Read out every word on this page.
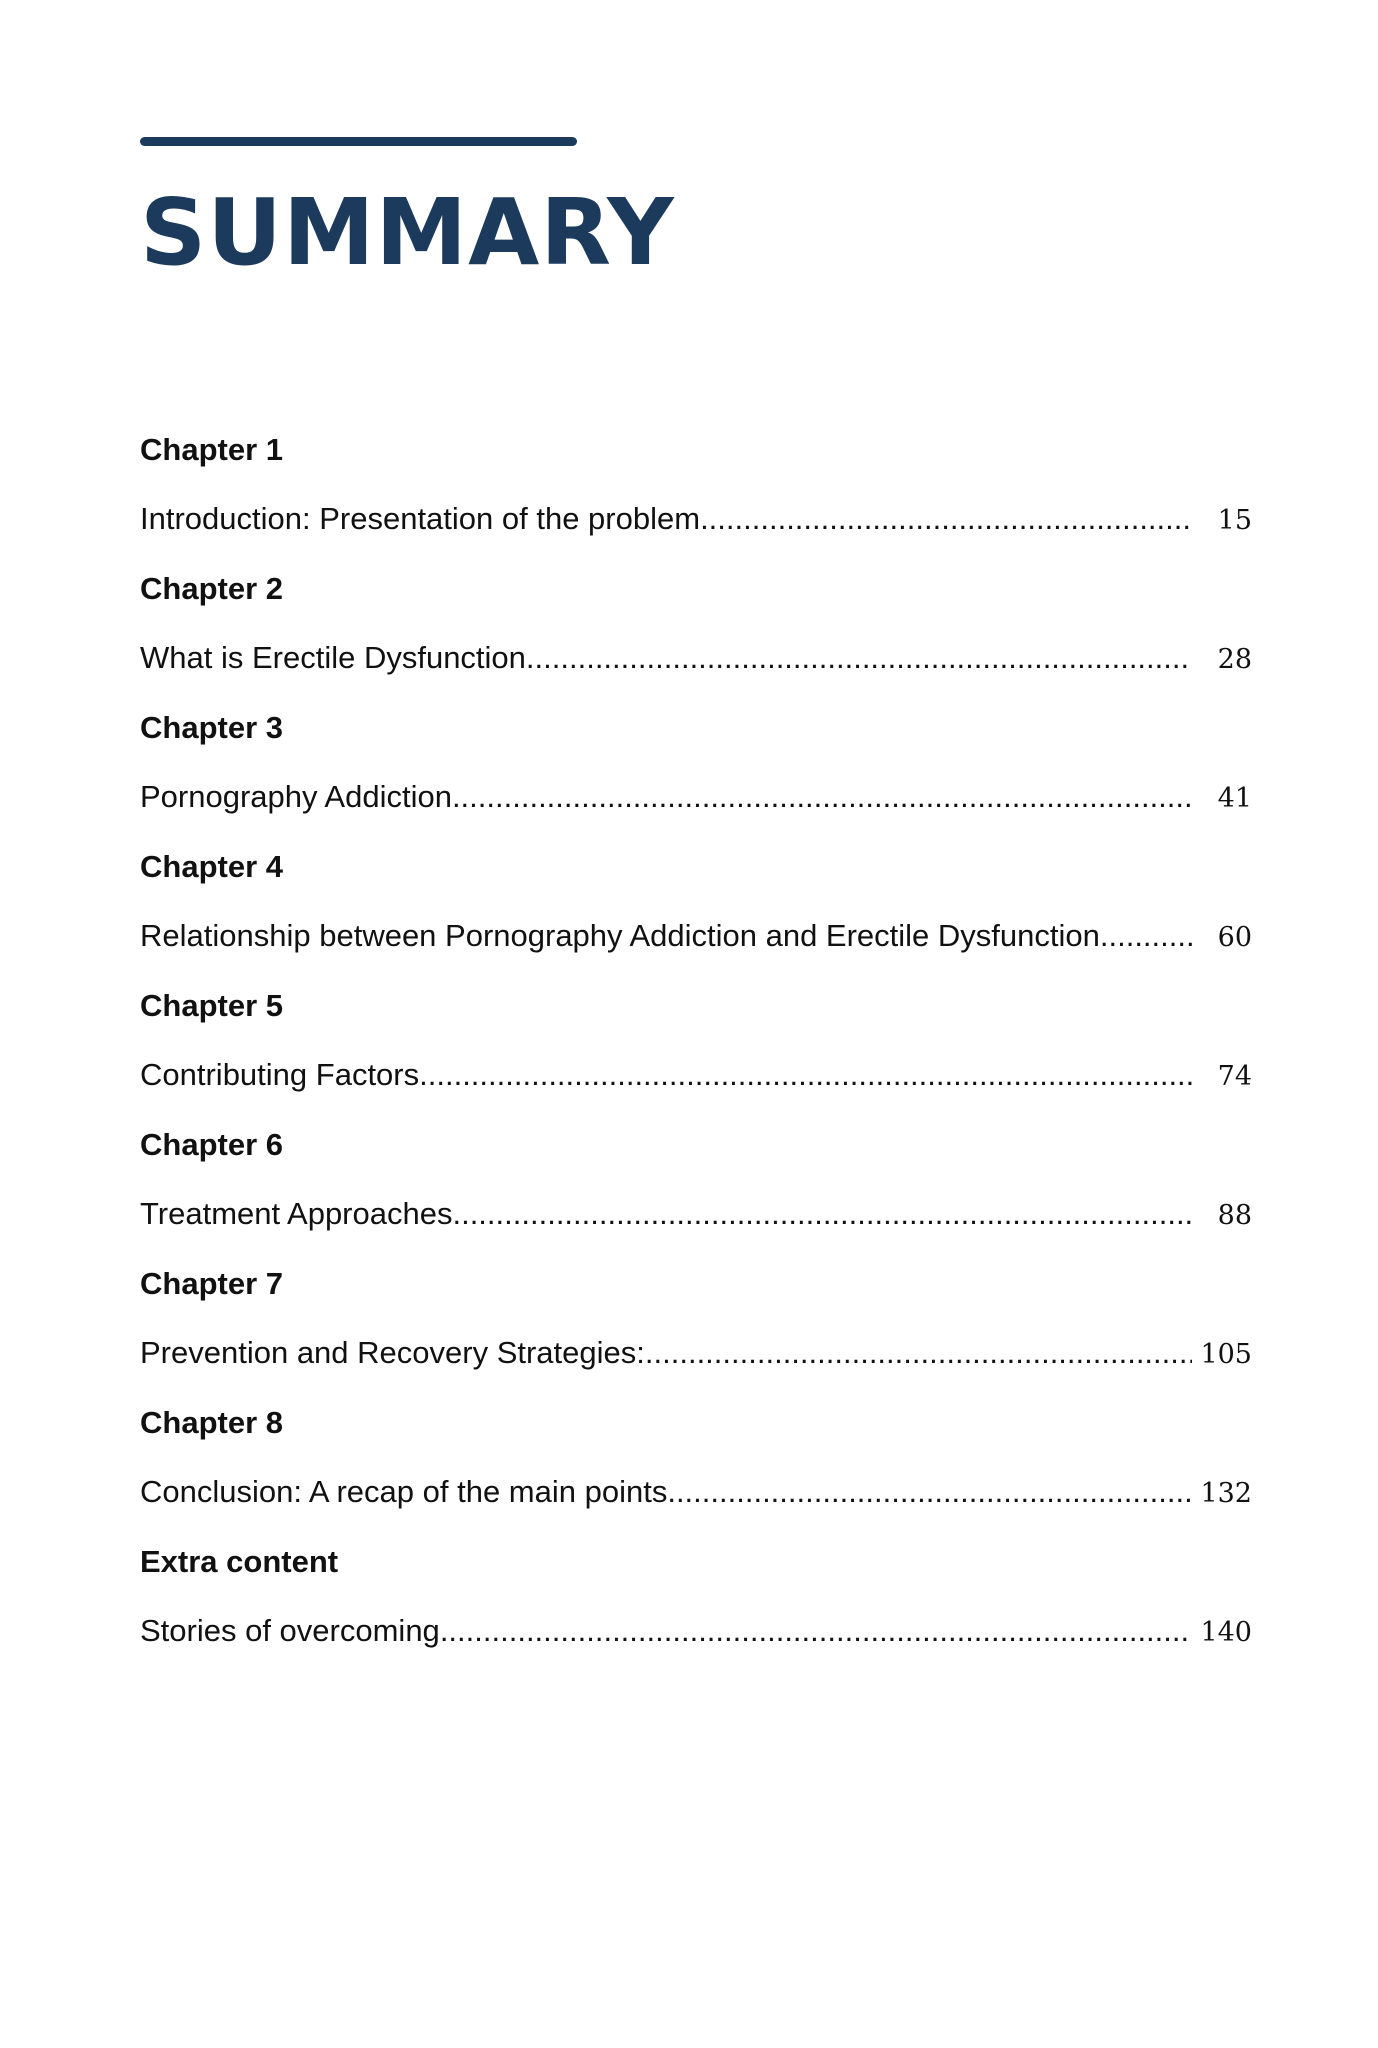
SUMMARY
Chapter 1
Introduction: Presentation of the problem .....	15
Chapter 2
What is Erectile Dysfunction .....	28
Chapter 3
Pornography Addiction .....	41
Chapter 4
Relationship between Pornography Addiction and Erectile Dysfunction. .....	60
Chapter 5
Contributing Factors .....	74
Chapter 6
Treatment Approaches .....	88
Chapter 7
Prevention and Recovery Strategies: .....	105
Chapter 8
Conclusion: A recap of the main points .....	132
Extra content
Stories of overcoming .....	140
